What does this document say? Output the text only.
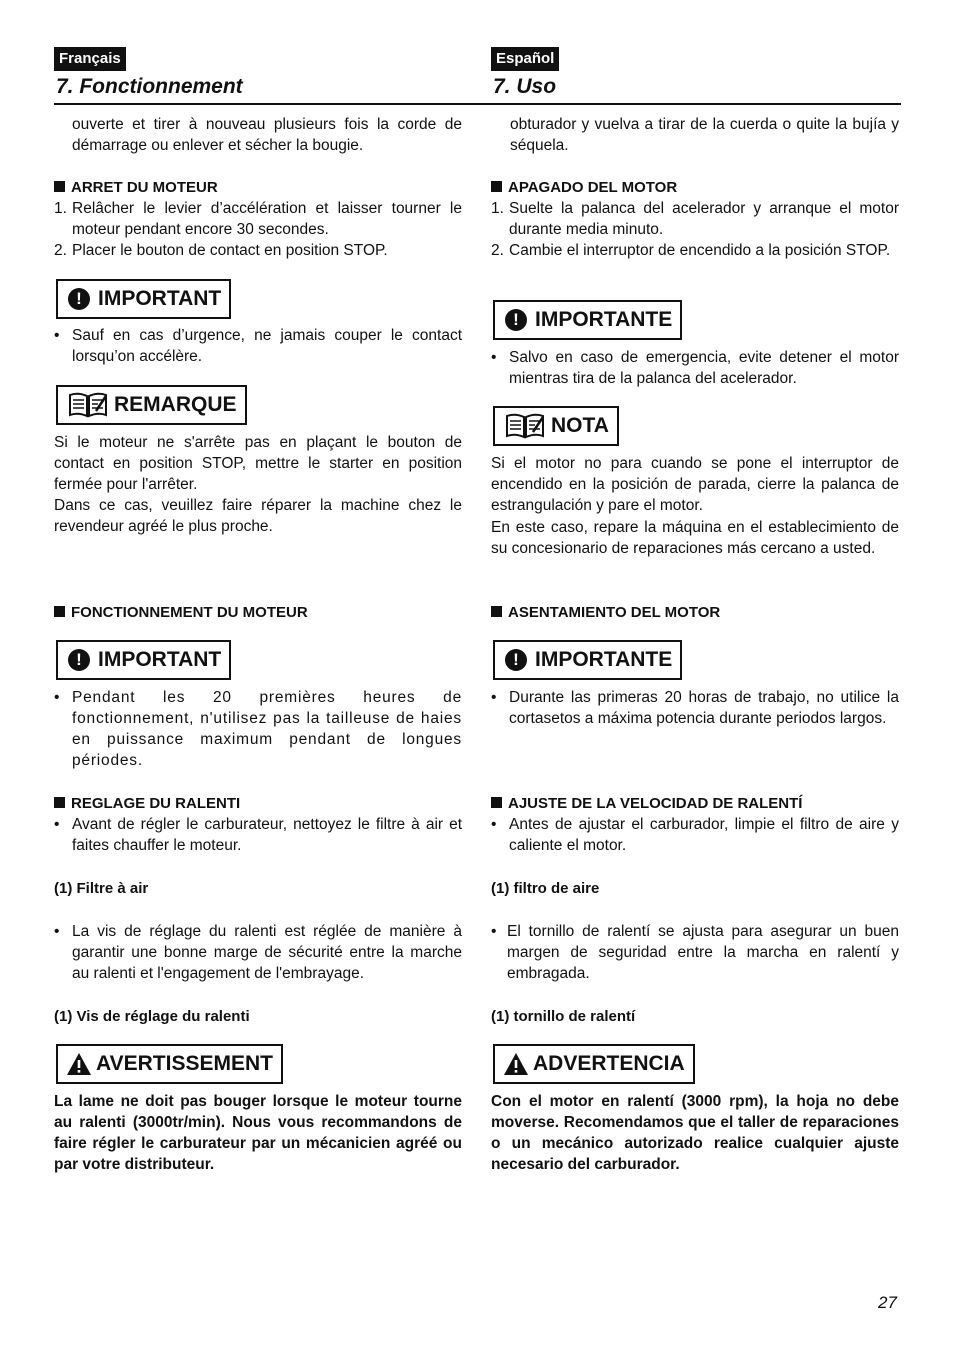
Français	Español
7. Fonctionnement	7. Uso
ouverte et tirer à nouveau plusieurs fois la corde de démarrage ou enlever et sécher la bougie.
ARRET DU MOTEUR
1. Relâcher le levier d’accélération et laisser tourner le moteur pendant encore 30 secondes.
2. Placer le bouton de contact en position STOP.
! IMPORTANT
• Sauf en cas d’urgence, ne jamais couper le contact lorsqu’on accélère.
REMARQUE
Si le moteur ne s'arrête pas en plaçant le bouton de contact en position STOP, mettre le starter en position fermée pour l'arrêter.
Dans ce cas, veuillez faire réparer la machine chez le revendeur agréé le plus proche.
FONCTIONNEMENT DU MOTEUR
! IMPORTANT
• Pendant les 20 premières heures de fonctionnement, n'utilisez pas la tailleuse de haies en puissance maximum pendant de longues périodes.
REGLAGE DU RALENTI
• Avant de régler le carburateur, nettoyez le filtre à air et faites chauffer le moteur.
(1) Filtre à air
• La vis de réglage du ralenti est réglée de manière à garantir une bonne marge de sécurité entre la marche au ralenti et l'engagement de l'embrayage.
(1) Vis de réglage du ralenti
AVERTISSEMENT
La lame ne doit pas bouger lorsque le moteur tourne au ralenti (3000tr/min). Nous vous recommandons de faire régler le carburateur par un mécanicien agréé ou par votre distributeur.
obturador y vuelva a tirar de la cuerda o quite la bujía y séquela.
APAGADO DEL MOTOR
1. Suelte la palanca del acelerador y arranque el motor durante media minuto.
2. Cambie el interruptor de encendido a la posición STOP.
! IMPORTANTE
• Salvo en caso de emergencia, evite detener el motor mientras tira de la palanca del acelerador.
NOTA
Si el motor no para cuando se pone el interruptor de encendido en la posición de parada, cierre la palanca de estrangulación y pare el motor.
En este caso, repare la máquina en el establecimiento de su concesionario de reparaciones más cercano a usted.
ASENTAMIENTO DEL MOTOR
! IMPORTANTE
• Durante las primeras 20 horas de trabajo, no utilice la cortasetos a máxima potencia durante periodos largos.
AJUSTE DE LA VELOCIDAD DE RALENTÍ
• Antes de ajustar el carburador, limpie el filtro de aire y caliente el motor.
(1) filtro de aire
• El tornillo de ralentí se ajusta para asegurar un buen margen de seguridad entre la marcha en ralentí y embragada.
(1) tornillo de ralentí
ADVERTENCIA
Con el motor en ralentí (3000 rpm), la hoja no debe moverse. Recomendamos que el taller de reparaciones o un mecánico autorizado realice cualquier ajuste necesario del carburador.
27
